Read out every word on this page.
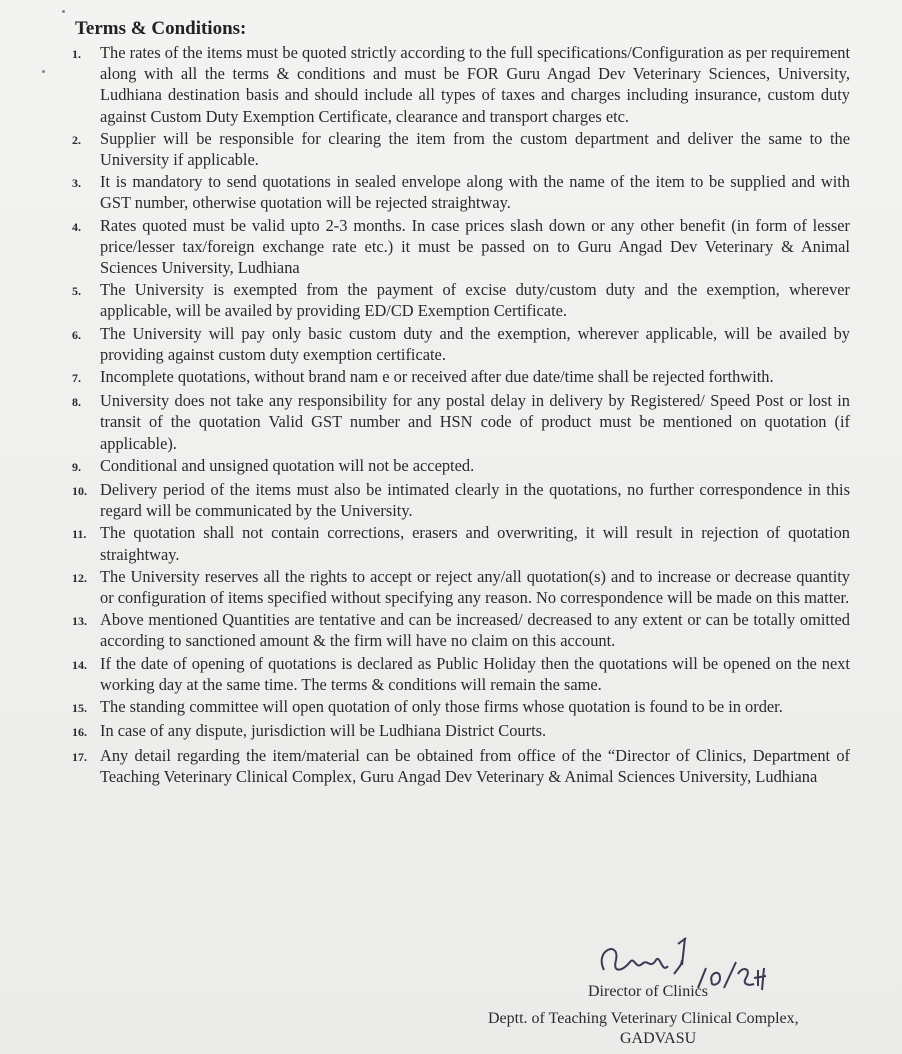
Terms & Conditions:
1.	The rates of the items must be quoted strictly according to the full specifications/Configuration as per requirement along with all the terms & conditions and must be FOR Guru Angad Dev Veterinary Sciences, University, Ludhiana destination basis and should include all types of taxes and charges including insurance, custom duty against Custom Duty Exemption Certificate, clearance and transport charges etc.
2.	Supplier will be responsible for clearing the item from the custom department and deliver the same to the University if applicable.
3.	It is mandatory to send quotations in sealed envelope along with the name of the item to be supplied and with GST number, otherwise quotation will be rejected straightway.
4.	Rates quoted must be valid upto 2-3 months. In case prices slash down or any other benefit (in form of lesser price/lesser tax/foreign exchange rate etc.) it must be passed on to Guru Angad Dev Veterinary & Animal Sciences University, Ludhiana
5.	The University is exempted from the payment of excise duty/custom duty and the exemption, wherever applicable, will be availed by providing ED/CD Exemption Certificate.
6.	The University will pay only basic custom duty and the exemption, wherever applicable, will be availed by providing against custom duty exemption certificate.
7.	Incomplete quotations, without brand nam e or received after due date/time shall be rejected forthwith.
8.	University does not take any responsibility for any postal delay in delivery by Registered/ Speed Post or lost in transit of the quotation Valid GST number and HSN code of product must be mentioned on quotation (if applicable).
9.	Conditional and unsigned quotation will not be accepted.
10. Delivery period of the items must also be intimated clearly in the quotations, no further correspondence in this regard will be communicated by the University.
11. The quotation shall not contain corrections, erasers and overwriting, it will result in rejection of quotation straightway.
12. The University reserves all the rights to accept or reject any/all quotation(s) and to increase or decrease quantity or configuration of items specified without specifying any reason. No correspondence will be made on this matter.
13. Above mentioned Quantities are tentative and can be increased/ decreased to any extent or can be totally omitted according to sanctioned amount & the firm will have no claim on this account.
14. If the date of opening of quotations is declared as Public Holiday then the quotations will be opened on the next working day at the same time. The terms & conditions will remain the same.
15. The standing committee will open quotation of only those firms whose quotation is found to be in order.
16. In case of any dispute, jurisdiction will be Ludhiana District Courts.
17. Any detail regarding the item/material can be obtained from office of the “Director of Clinics, Department of Teaching Veterinary Clinical Complex, Guru Angad Dev Veterinary & Animal Sciences University, Ludhiana
Director of Clinics
Deptt. of Teaching Veterinary Clinical Complex,
GADVASU
